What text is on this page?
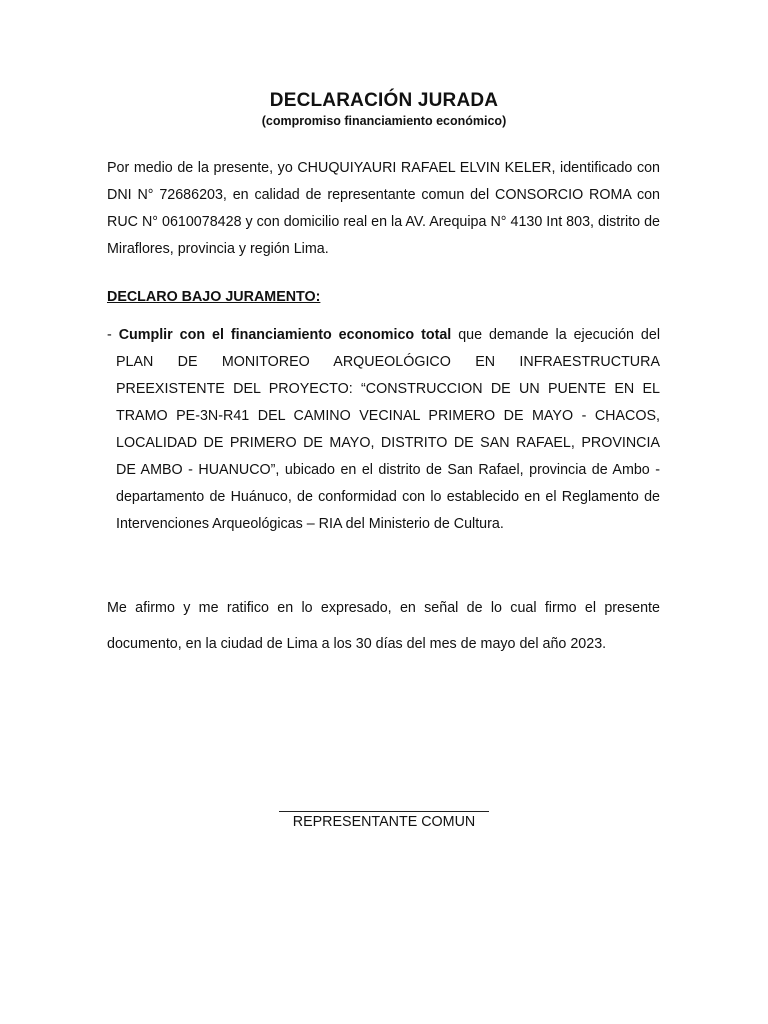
DECLARACIÓN JURADA
(compromiso financiamiento económico)
Por medio de la presente, yo CHUQUIYAURI RAFAEL ELVIN KELER, identificado con DNI N° 72686203, en calidad de representante comun del CONSORCIO ROMA con RUC N° 0610078428 y con domicilio real en la AV. Arequipa N° 4130 Int 803, distrito de Miraflores, provincia y región Lima.
DECLARO BAJO JURAMENTO:
- Cumplir con el financiamiento economico total que demande la ejecución del PLAN DE MONITOREO ARQUEOLÓGICO EN INFRAESTRUCTURA PREEXISTENTE DEL PROYECTO: “CONSTRUCCION DE UN PUENTE EN EL TRAMO PE-3N-R41 DEL CAMINO VECINAL PRIMERO DE MAYO - CHACOS, LOCALIDAD DE PRIMERO DE MAYO, DISTRITO DE SAN RAFAEL, PROVINCIA DE AMBO - HUANUCO”, ubicado en el distrito de San Rafael, provincia de Ambo - departamento de Huánuco, de conformidad con lo establecido en el Reglamento de Intervenciones Arqueológicas – RIA del Ministerio de Cultura.
Me afirmo y me ratifico en lo expresado, en señal de lo cual firmo el presente documento, en la ciudad de Lima a los 30 días del mes de mayo del año 2023.
REPRESENTANTE COMUN
